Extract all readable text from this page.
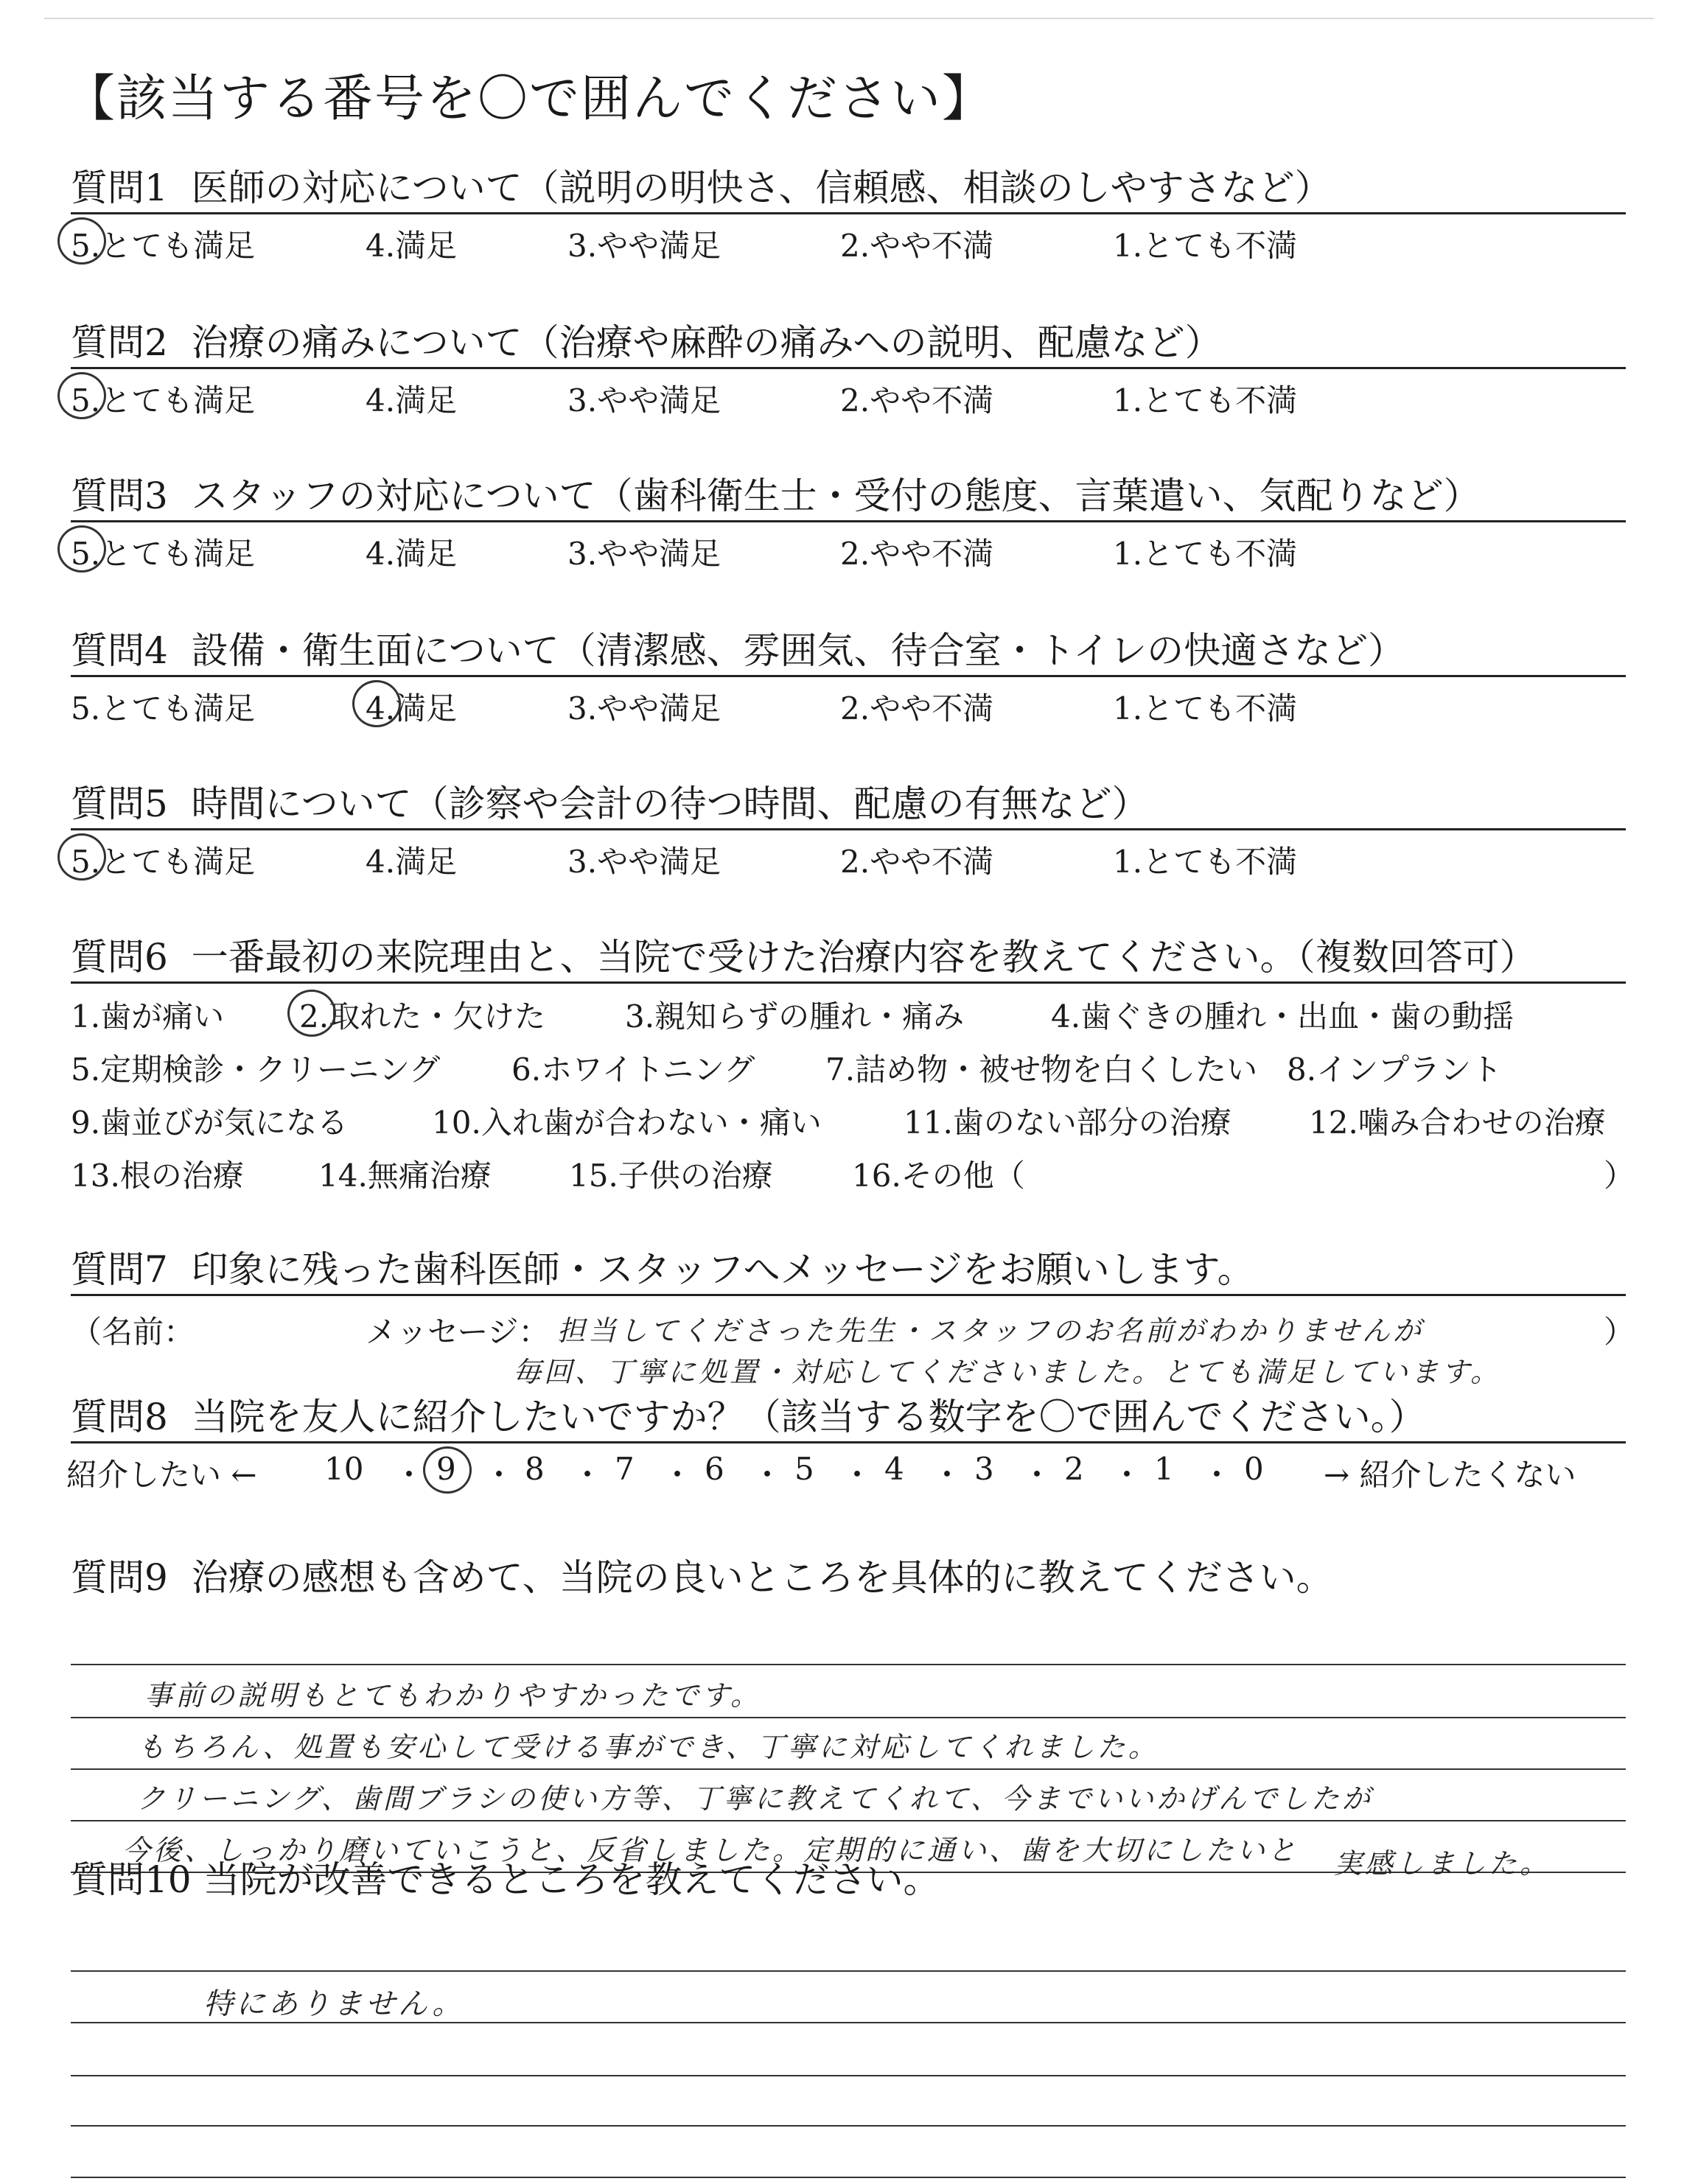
【該当する番号を〇で囲んでください】
質問1 医師の対応について（説明の明快さ、信頼感、相談のしやすさなど）
5.とても満足	4.満足	3.やや満足	2.やや不満	1.とても不満
質問2 治療の痛みについて（治療や麻酔の痛みへの説明、配慮など）
5.とても満足	4.満足	3.やや満足	2.やや不満	1.とても不満
質問3 スタッフの対応について（歯科衛生士・受付の態度、言葉遣い、気配りなど）
5.とても満足	4.満足	3.やや満足	2.やや不満	1.とても不満
質問4 設備・衛生面について（清潔感、雰囲気、待合室・トイレの快適さなど）
5.とても満足	4.満足	3.やや満足	2.やや不満	1.とても不満
質問5 時間について（診察や会計の待つ時間、配慮の有無など）
5.とても満足	4.満足	3.やや満足	2.やや不満	1.とても不満
質問6 一番最初の来院理由と、当院で受けた治療内容を教えてください。（複数回答可）
1.歯が痛い 2.取れた・欠けた	3.親知らずの腫れ・痛み	4.歯ぐきの腫れ・出血・歯の動揺
5.定期検診・クリーニング 6.ホワイトニング 7.詰め物・被せ物を白くしたい 8.インプラント
9.歯並びが気になる	10.入れ歯が合わない・痛い	11.歯のない部分の治療	12.噛み合わせの治療
13.根の治療 14.無痛治療	15.子供の治療	16.その他（	）
質問7 印象に残った歯科医師・スタッフへメッセージをお願いします。
（名前：	メッセージ： 担当してくださった先生・スタッフのお名前がわかりませんが	）
毎回、丁寧に処置・対応してくださいました。とても満足しています。
質問8 当院を友人に紹介したいですか？（該当する数字を〇で囲んでください。）
紹介したい ← 10 ・ 9 ・ 8 ・ 7 ・ 6 ・ 5 ・ 4 ・ 3 ・ 2 ・ 1 ・ 0 → 紹介したくない
質問9 治療の感想も含めて、当院の良いところを具体的に教えてください。
事前の説明もとてもわかりやすかったです。
もちろん、処置も安心して受ける事ができ、丁寧に対応してくれました。
クリーニング、歯間ブラシの使い方等、丁寧に教えてくれて、今までいいかげんでしたが
今後、しっかり磨いていこうと、反省しました。定期的に通い、歯を大切にしたいと 実感しました。
質問10 当院が改善できるところを教えてください。
特にありません。
